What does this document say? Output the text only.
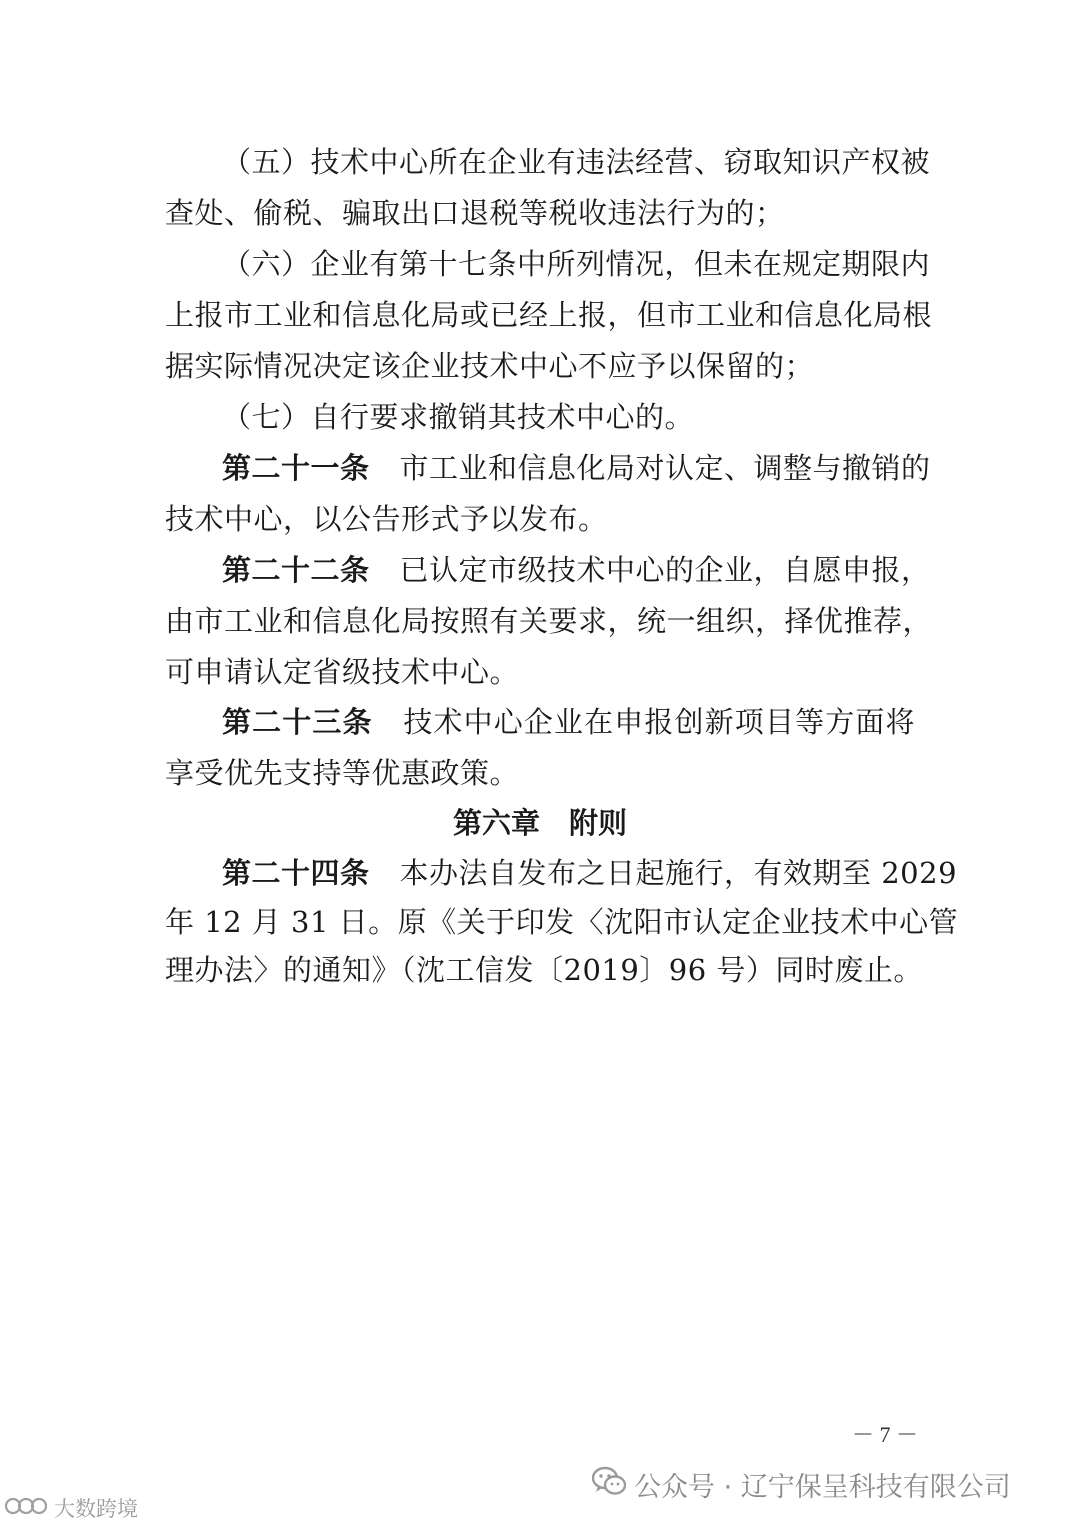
（五）技术中心所在企业有违法经营、窃取知识产权被
查处、偷税、骗取出口退税等税收违法行为的；
（六）企业有第十七条中所列情况，但未在规定期限内
上报市工业和信息化局或已经上报，但市工业和信息化局根
据实际情况决定该企业技术中心不应予以保留的；
（七）自行要求撤销其技术中心的。
第二十一条 市工业和信息化局对认定、调整与撤销的
技术中心，以公告形式予以发布。
第二十二条 已认定市级技术中心的企业，自愿申报，
由市工业和信息化局按照有关要求，统一组织，择优推荐，
可申请认定省级技术中心。
第二十三条 技术中心企业在申报创新项目等方面将
享受优先支持等优惠政策。
第六章　附则
第二十四条 本办法自发布之日起施行，有效期至 2029
年 12 月 31 日。原《关于印发〈沈阳市认定企业技术中心管
理办法〉的通知》（沈工信发〔2019〕96 号）同时废止。
－ 7 －
公众号 · 辽宁保呈科技有限公司
大数跨境
